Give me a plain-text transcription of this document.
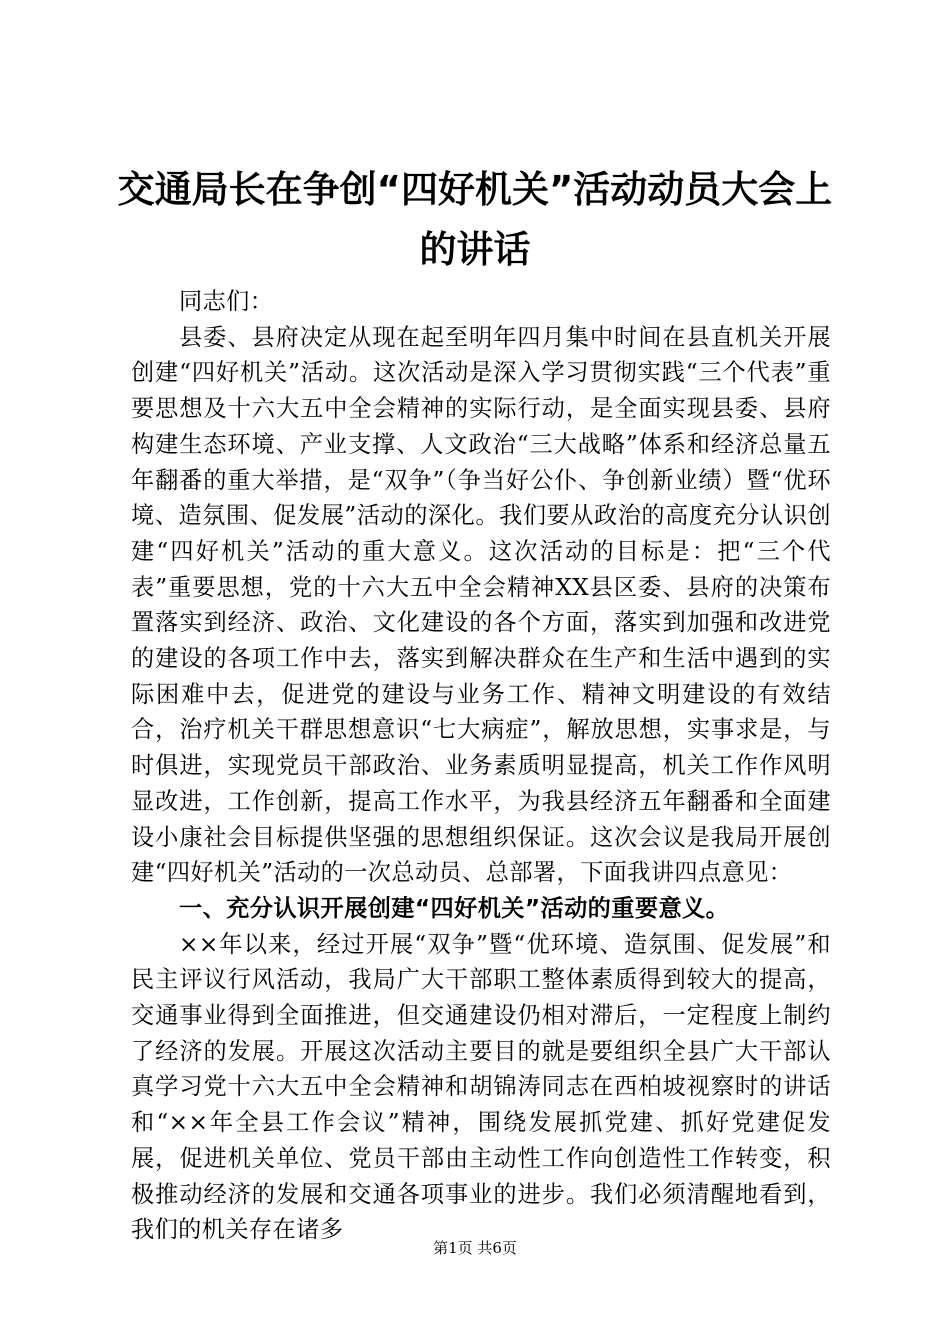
交通局长在争创“四好机关”活动动员大会上的讲话

同志们：

县委、县府决定从现在起至明年四月集中时间在县直机关开展创建“四好机关”活动。这次活动是深入学习贯彻实践“三个代表”重要思想及十六大五中全会精神的实际行动，是全面实现县委、县府构建生态环境、产业支撑、人文政治“三大战略”体系和经济总量五年翻番的重大举措，是“双争”（争当好公仆、争创新业绩）暨“优环境、造氛围、促发展”活动的深化。我们要从政治的高度充分认识创建“四好机关”活动的重大意义。这次活动的目标是：把“三个代表”重要思想，党的十六大五中全会精神XX县区委、县府的决策布置落实到经济、政治、文化建设的各个方面，落实到加强和改进党的建设的各项工作中去，落实到解决群众在生产和生活中遇到的实际困难中去，促进党的建设与业务工作、精神文明建设的有效结合，治疗机关干群思想意识“七大病症”，解放思想，实事求是，与时俱进，实现党员干部政治、业务素质明显提高，机关工作作风明显改进，工作创新，提高工作水平，为我县经济五年翻番和全面建设小康社会目标提供坚强的思想组织保证。这次会议是我局开展创建“四好机关”活动的一次总动员、总部署，下面我讲四点意见：

一、充分认识开展创建“四好机关”活动的重要意义。

××年以来，经过开展“双争”暨“优环境、造氛围、促发展”和民主评议行风活动，我局广大干部职工整体素质得到较大的提高，交通事业得到全面推进，但交通建设仍相对滞后，一定程度上制约了经济的发展。开展这次活动主要目的就是要组织全县广大干部认真学习党十六大五中全会精神和胡锦涛同志在西柏坡视察时的讲话和“××年全县工作会议”精神，围绕发展抓党建、抓好党建促发展，促进机关单位、党员干部由主动性工作向创造性工作转变，积极推动经济的发展和交通各项事业的进步。我们必须清醒地看到，我们的机关存在诸多

第1页 共6页
